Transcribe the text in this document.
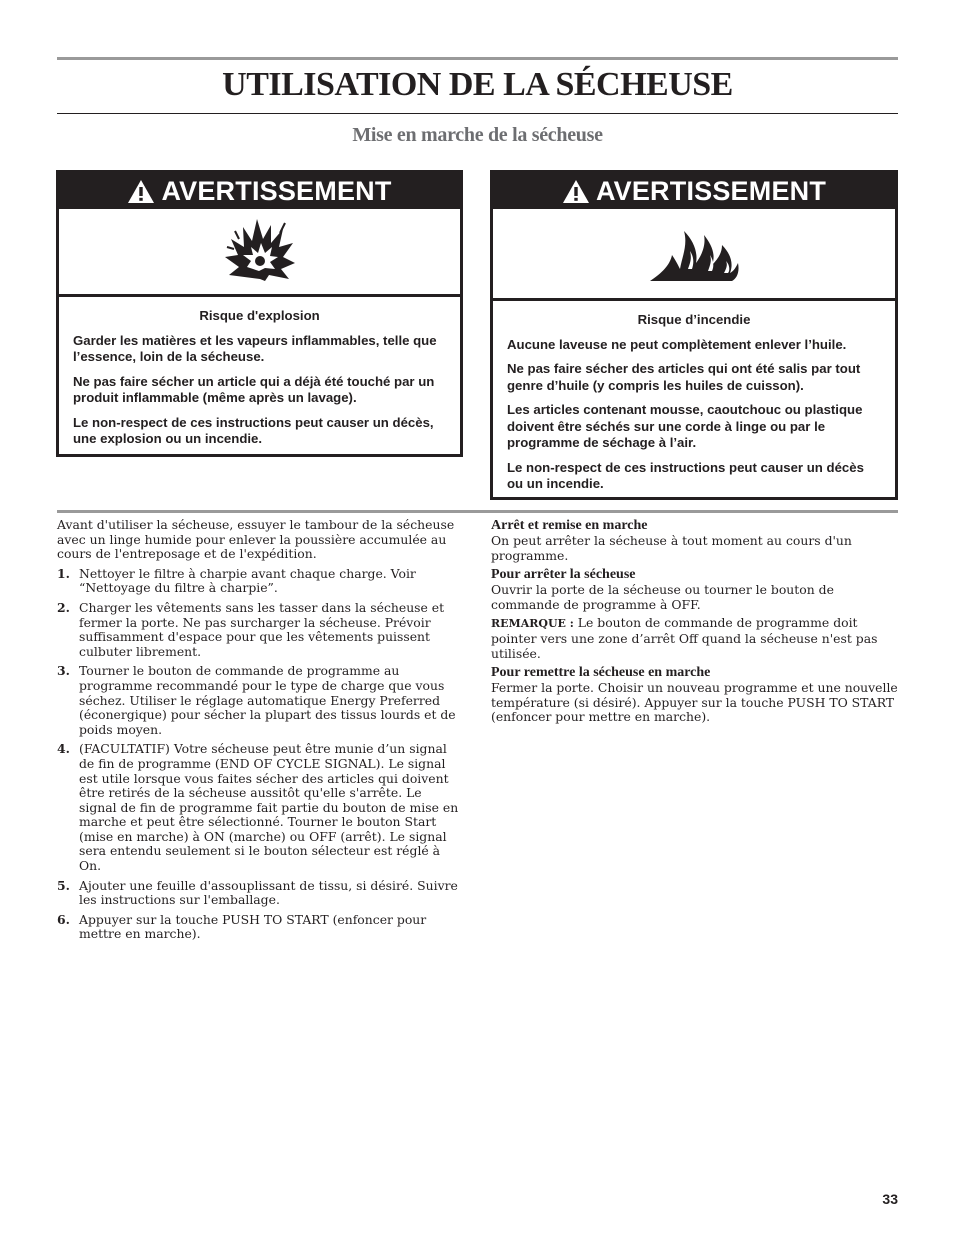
UTILISATION DE LA SÉCHEUSE
Mise en marche de la sécheuse
AVERTISSEMENT

Risque d'explosion

Garder les matières et les vapeurs inflammables, telle que l’essence, loin de la sécheuse.

Ne pas faire sécher un article qui a déjà été touché par un produit inflammable (même après un lavage).

Le non-respect de ces instructions peut causer un décès, une explosion ou un incendie.

AVERTISSEMENT

Risque d’incendie

Aucune laveuse ne peut complètement enlever l’huile.

Ne pas faire sécher des articles qui ont été salis par tout genre d’huile (y compris les huiles de cuisson).

Les articles contenant mousse, caoutchouc ou plastique doivent être séchés sur une corde à linge ou par le programme de séchage à l’air.

Le non-respect de ces instructions peut causer un décès ou un incendie.

Avant d'utiliser la sécheuse, essuyer le tambour de la sécheuse avec un linge humide pour enlever la poussière accumulée au cours de l'entreposage et de l'expédition.

1. Nettoyer le filtre à charpie avant chaque charge. Voir “Nettoyage du filtre à charpie”.
2. Charger les vêtements sans les tasser dans la sécheuse et fermer la porte. Ne pas surcharger la sécheuse. Prévoir suffisamment d'espace pour que les vêtements puissent culbuter librement.
3. Tourner le bouton de commande de programme au programme recommandé pour le type de charge que vous séchez. Utiliser le réglage automatique Energy Preferred (éconergique) pour sécher la plupart des tissus lourds et de poids moyen.
4. (FACULTATIF) Votre sécheuse peut être munie d’un signal de fin de programme (END OF CYCLE SIGNAL). Le signal est utile lorsque vous faites sécher des articles qui doivent être retirés de la sécheuse aussitôt qu'elle s'arrête. Le signal de fin de programme fait partie du bouton de mise en marche et peut être sélectionné. Tourner le bouton Start (mise en marche) à ON (marche) ou OFF (arrêt). Le signal sera entendu seulement si le bouton sélecteur est réglé à On.
5. Ajouter une feuille d'assouplissant de tissu, si désiré. Suivre les instructions sur l'emballage.
6. Appuyer sur la touche PUSH TO START (enfoncer pour mettre en marche).
Arrêt et remise en marche

On peut arrêter la sécheuse à tout moment au cours d'un programme.

Pour arrêter la sécheuse

Ouvrir la porte de la sécheuse ou tourner le bouton de commande de programme à OFF.

REMARQUE : Le bouton de commande de programme doit pointer vers une zone d’arrêt Off quand la sécheuse n'est pas utilisée.

Pour remettre la sécheuse en marche

Fermer la porte. Choisir un nouveau programme et une nouvelle température (si désiré). Appuyer sur la touche PUSH TO START (enfoncer pour mettre en marche).

33
